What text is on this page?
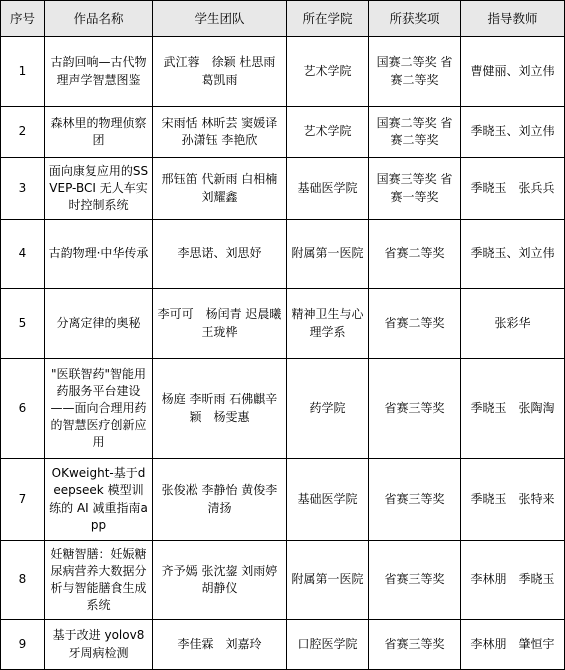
序号	作品名称	学生团队	所在学院	所获奖项	指导教师
1	古韵回响—古代物理声学智慧图鉴	武江蓉　徐颖 杜思雨 葛凯雨	艺术学院	国赛二等奖 省赛二等奖	曹健丽、刘立伟
2	森林里的物理侦察团	宋雨恬 林昕芸 窦媛译 孙潇钰 李艳欣	艺术学院	国赛二等奖 省赛二等奖	季晓玉、刘立伟
3	面向康复应用的SSVEP-BCI 无人车实时控制系统	邢钰笛 代新雨 白相楠 刘耀鑫	基础医学院	国赛三等奖 省赛一等奖	季晓玉　张兵兵
4	古韵物理·中华传承	李思诺、刘思妤	附属第一医院	省赛二等奖	季晓玉、刘立伟
5	分离定律的奥秘	李可可　杨闰青 迟晨曦 王珑桦	精神卫生与心理学系	省赛二等奖	张彩华
6	"医联智药"智能用药服务平台建设——面向合理用药的智慧医疗创新应用	杨庭 李昕雨 石佛麒辛颖　杨雯惠	药学院	省赛三等奖	季晓玉　张陶淘
7	OKweight-基于deepseek 模型训练的 AI 减重指南app	张俊凇 李静怡 黄俊李清扬	基础医学院	省赛三等奖	季晓玉　张特来
8	妊糖智膳：妊娠糖尿病营养大数据分析与智能膳食生成系统	齐予嫣 张沈鋆 刘雨婷 胡静仪	附属第一医院	省赛三等奖	李林朋　季晓玉
9	基于改进 yolov8牙周病检测	李佳霖　刘嘉玲	口腔医学院	省赛三等奖	李林朋　肇恒宇
